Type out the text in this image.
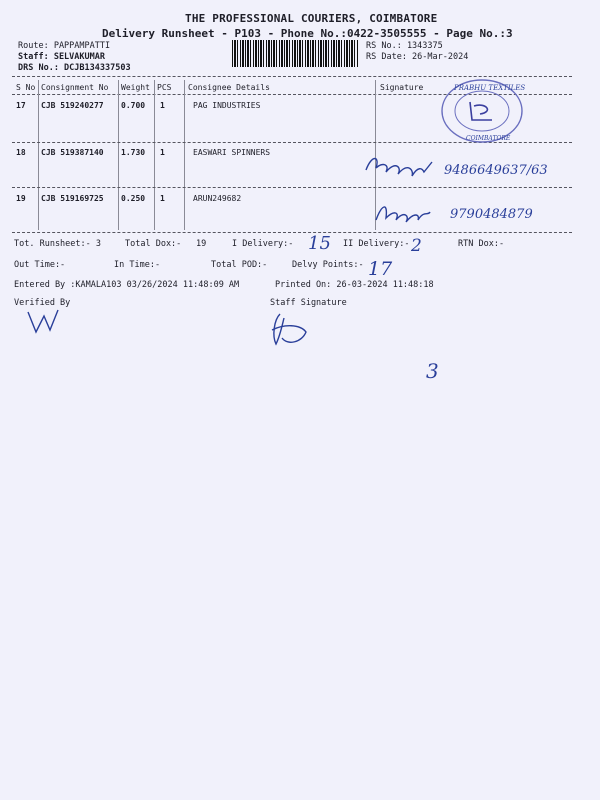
THE PROFESSIONAL COURIERS, COIMBATORE
Delivery Runsheet - P103 - Phone No.:0422-3505555 - Page No.:3
Route: PAPPAMPATTI
Staff: SELVAKUMAR
DRS No.: DCJB134337503
RS No.: 1343375
RS Date: 26-Mar-2024
S No Consignment No Weight PCS Consignee Details	Signature
17 CJB 519240277 0.700 1	PAG INDUSTRIES
18 CJB 519387140 1.730 1	EASWARI SPINNERS
19 CJB 519169725 0.250 1	ARUN249682
PRABHU TEXTILES
COIMBATORE
9486649637/63
9790484879
Tot. Runsheet:- 3	Total Dox:- 19	I Delivery:- 15 II Delivery:- 2	RTN Dox:-
Out Time:-	In Time:-	Total POD:-	Delvy Points:- 17
Entered By :KAMALA103 03/26/2024 11:48:09 AM	Printed On: 26-03-2024 11:48:18
Verified By	Staff Signature
3
